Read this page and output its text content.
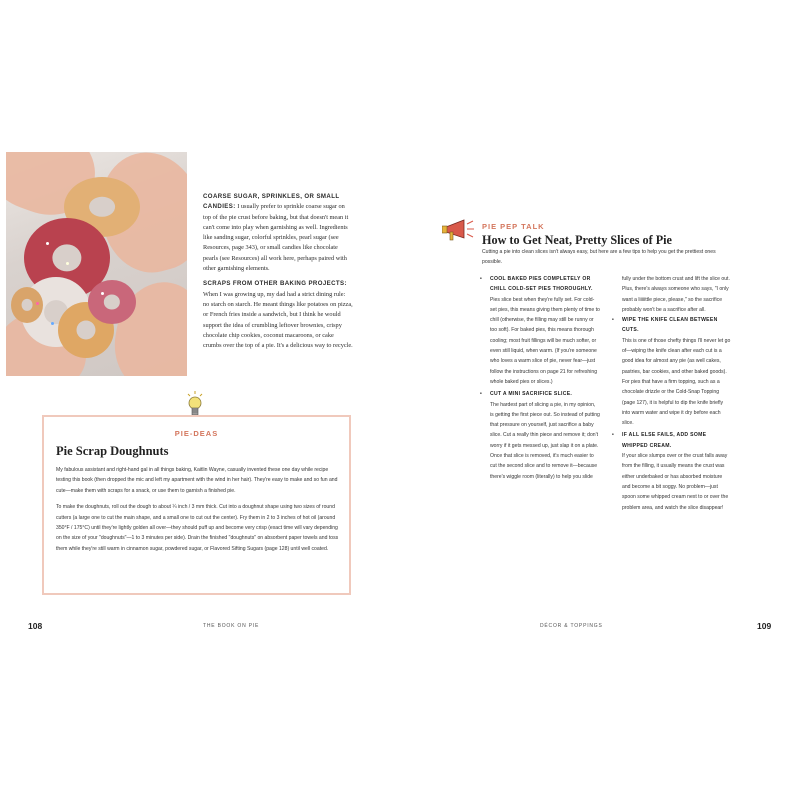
COARSE SUGAR, SPRINKLES, OR SMALL CANDIES: I usually prefer to sprinkle coarse sugar on top of the pie crust before baking, but that doesn't mean it can't come into play when garnishing as well. Ingredients like sanding sugar, colorful sprinkles, pearl sugar (see Resources, page 343), or small candies like chocolate pearls (see Resources) all work here, perhaps paired with other garnishing elements.

SCRAPS FROM OTHER BAKING PROJECTS: When I was growing up, my dad had a strict dining rule: no starch on starch. He meant things like potatoes on pizza, or French fries inside a sandwich, but I think he would support the idea of crumbling leftover brownies, crispy chocolate chip cookies, coconut macaroons, or cake crumbs over the top of a pie. It's a delicious way to recycle.

PIE-DEAS
Pie Scrap Doughnuts

My fabulous assistant and right-hand gal in all things baking, Kaitlin Wayne, casually invented these one day while recipe testing this book (then dropped the mic and left my apartment with the wind in her hair). They're easy to make and so fun and cute—make them with scraps for a snack, or use them to garnish a finished pie.

To make the doughnuts, roll out the dough to about ¼ inch / 3 mm thick. Cut into a doughnut shape using two sizes of round cutters (a large one to cut the main shape, and a small one to cut out the center). Fry them in 2 to 3 inches of hot oil (around 350°F / 175°C) until they're lightly golden all over—they should puff up and become very crisp (exact time will vary depending on the size of your "doughnuts"—1 to 3 minutes per side). Drain the finished "doughnuts" on absorbent paper towels and toss them while they're still warm in cinnamon sugar, powdered sugar, or Flavored Sifting Sugars (page 128) until well coated.

108	THE BOOK ON PIE
PIE PEP TALK
How to Get Neat, Pretty Slices of Pie
Cutting a pie into clean slices isn't always easy, but here are a few tips to help you get the prettiest ones possible.
• COOL BAKED PIES COMPLETELY OR CHILL COLD-SET PIES THOROUGHLY.
Pies slice best when they're fully set. For cold-set pies, this means giving them plenty of time to chill (otherwise, the filling may still be runny or too soft). For baked pies, this means thorough cooling; most fruit fillings will be much softer, or even still liquid, when warm. (If you're someone who loves a warm slice of pie, never fear—just follow the instructions on page 21 for refreshing whole baked pies or slices.)
• CUT A MINI SACRIFICE SLICE.
The hardest part of slicing a pie, in my opinion, is getting the first piece out. So instead of putting that pressure on yourself, just sacrifice a baby slice. Cut a really thin piece and remove it; don't worry if it gets messed up, just slap it on a plate. Once that slice is removed, it's much easier to cut the second slice and to remove it—because there's wiggle room (literally) to help you slide
fully under the bottom crust and lift the slice out. Plus, there's always someone who says, "I only want a liiiiittle piece, please," so the sacrifice probably won't be a sacrifice after all.
• WIPE THE KNIFE CLEAN BETWEEN CUTS.
This is one of those chefty things I'll never let go of—wiping the knife clean after each cut is a good idea for almost any pie (as well cakes, pastries, bar cookies, and other baked goods). For pies that have a firm topping, such as a chocolate drizzle or the Cold-Snap Topping (page 127), it is helpful to dip the knife briefly into warm water and wipe it dry before each slice.
• IF ALL ELSE FAILS, ADD SOME WHIPPED CREAM.
If your slice slumps over or the crust falls away from the filling, it usually means the crust was either underbaked or has absorbed moisture and become a bit soggy. No problem—just spoon some whipped cream next to or over the problem area, and watch the slice disappear!
DÉCOR & TOPPINGS	109
